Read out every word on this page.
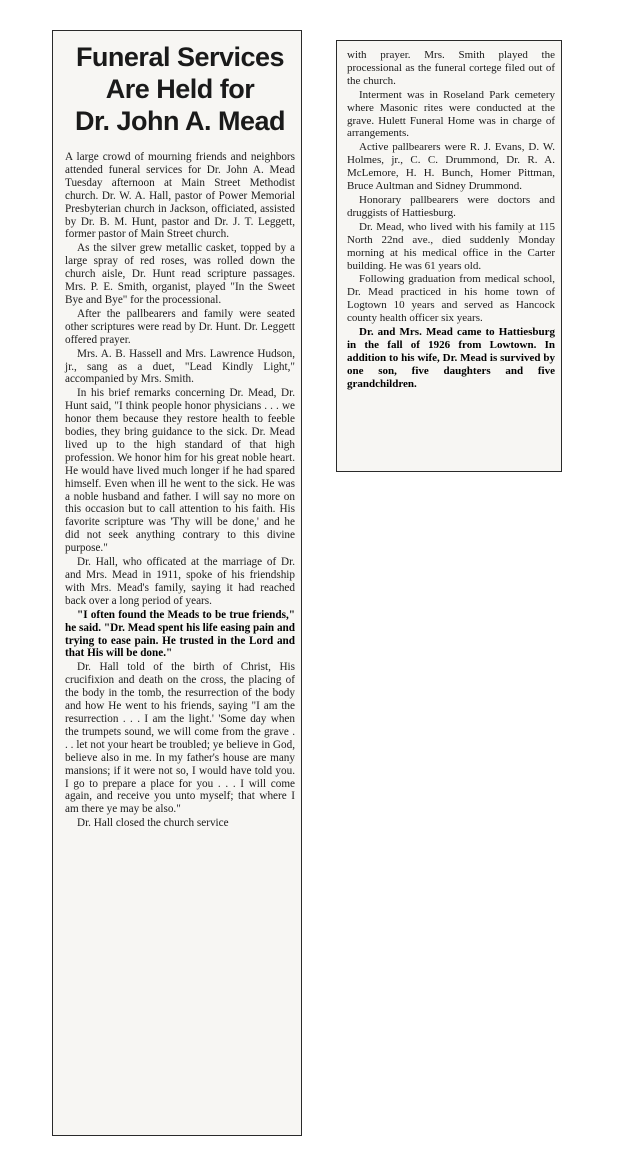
Funeral Services
Are Held for
Dr. John A. Mead

A large crowd of mourning friends and neighbors attended funeral services for Dr. John A. Mead Tuesday afternoon at Main Street Methodist church. Dr. W. A. Hall, pastor of Power Memorial Presbyterian church in Jackson, officiated, assisted by Dr. B. M. Hunt, pastor and Dr. J. T. Leggett, former pastor of Main Street church.

As the silver grew metallic casket, topped by a large spray of red roses, was rolled down the church aisle, Dr. Hunt read scripture passages. Mrs. P. E. Smith, organist, played "In the Sweet Bye and Bye" for the processional.

After the pallbearers and family were seated other scriptures were read by Dr. Hunt. Dr. Leggett offered prayer.

Mrs. A. B. Hassell and Mrs. Lawrence Hudson, jr., sang as a duet, "Lead Kindly Light," accompanied by Mrs. Smith.

In his brief remarks concerning Dr. Mead, Dr. Hunt said, "I think people honor physicians . . . we honor them because they restore health to feeble bodies, they bring guidance to the sick. Dr. Mead lived up to the high standard of that high profession. We honor him for his great noble heart. He would have lived much longer if he had spared himself. Even when ill he went to the sick. He was a noble husband and father. I will say no more on this occasion but to call attention to his faith. His favorite scripture was 'Thy will be done,' and he did not seek anything contrary to this divine purpose."

Dr. Hall, who officated at the marriage of Dr. and Mrs. Mead in 1911, spoke of his friendship with Mrs. Mead's family, saying it had reached back over a long period of years.

"I often found the Meads to be true friends," he said. "Dr. Mead spent his life easing pain and trying to ease pain. He trusted in the Lord and that His will be done."

Dr. Hall told of the birth of Christ, His crucifixion and death on the cross, the placing of the body in the tomb, the resurrection of the body and how He went to his friends, saying "I am the resurrection . . . I am the light.' 'Some day when the trumpets sound, we will come from the grave . . . let not your heart be troubled; ye believe in God, believe also in me. In my father's house are many mansions; if it were not so, I would have told you. I go to prepare a place for you . . . I will come again, and receive you unto myself; that where I am there ye may be also."

Dr. Hall closed the church service

with prayer. Mrs. Smith played the processional as the funeral cortege filed out of the church.

Interment was in Roseland Park cemetery where Masonic rites were conducted at the grave. Hulett Funeral Home was in charge of arrangements.

Active pallbearers were R. J. Evans, D. W. Holmes, jr., C. C. Drummond, Dr. R. A. McLemore, H. H. Bunch, Homer Pittman, Bruce Aultman and Sidney Drummond.

Honorary pallbearers were doctors and druggists of Hattiesburg.

Dr. Mead, who lived with his family at 115 North 22nd ave., died suddenly Monday morning at his medical office in the Carter building. He was 61 years old.

Following graduation from medical school, Dr. Mead practiced in his home town of Logtown 10 years and served as Hancock county health officer six years.

Dr. and Mrs. Mead came to Hattiesburg in the fall of 1926 from Lowtown. In addition to his wife, Dr. Mead is survived by one son, five daughters and five grandchildren.
